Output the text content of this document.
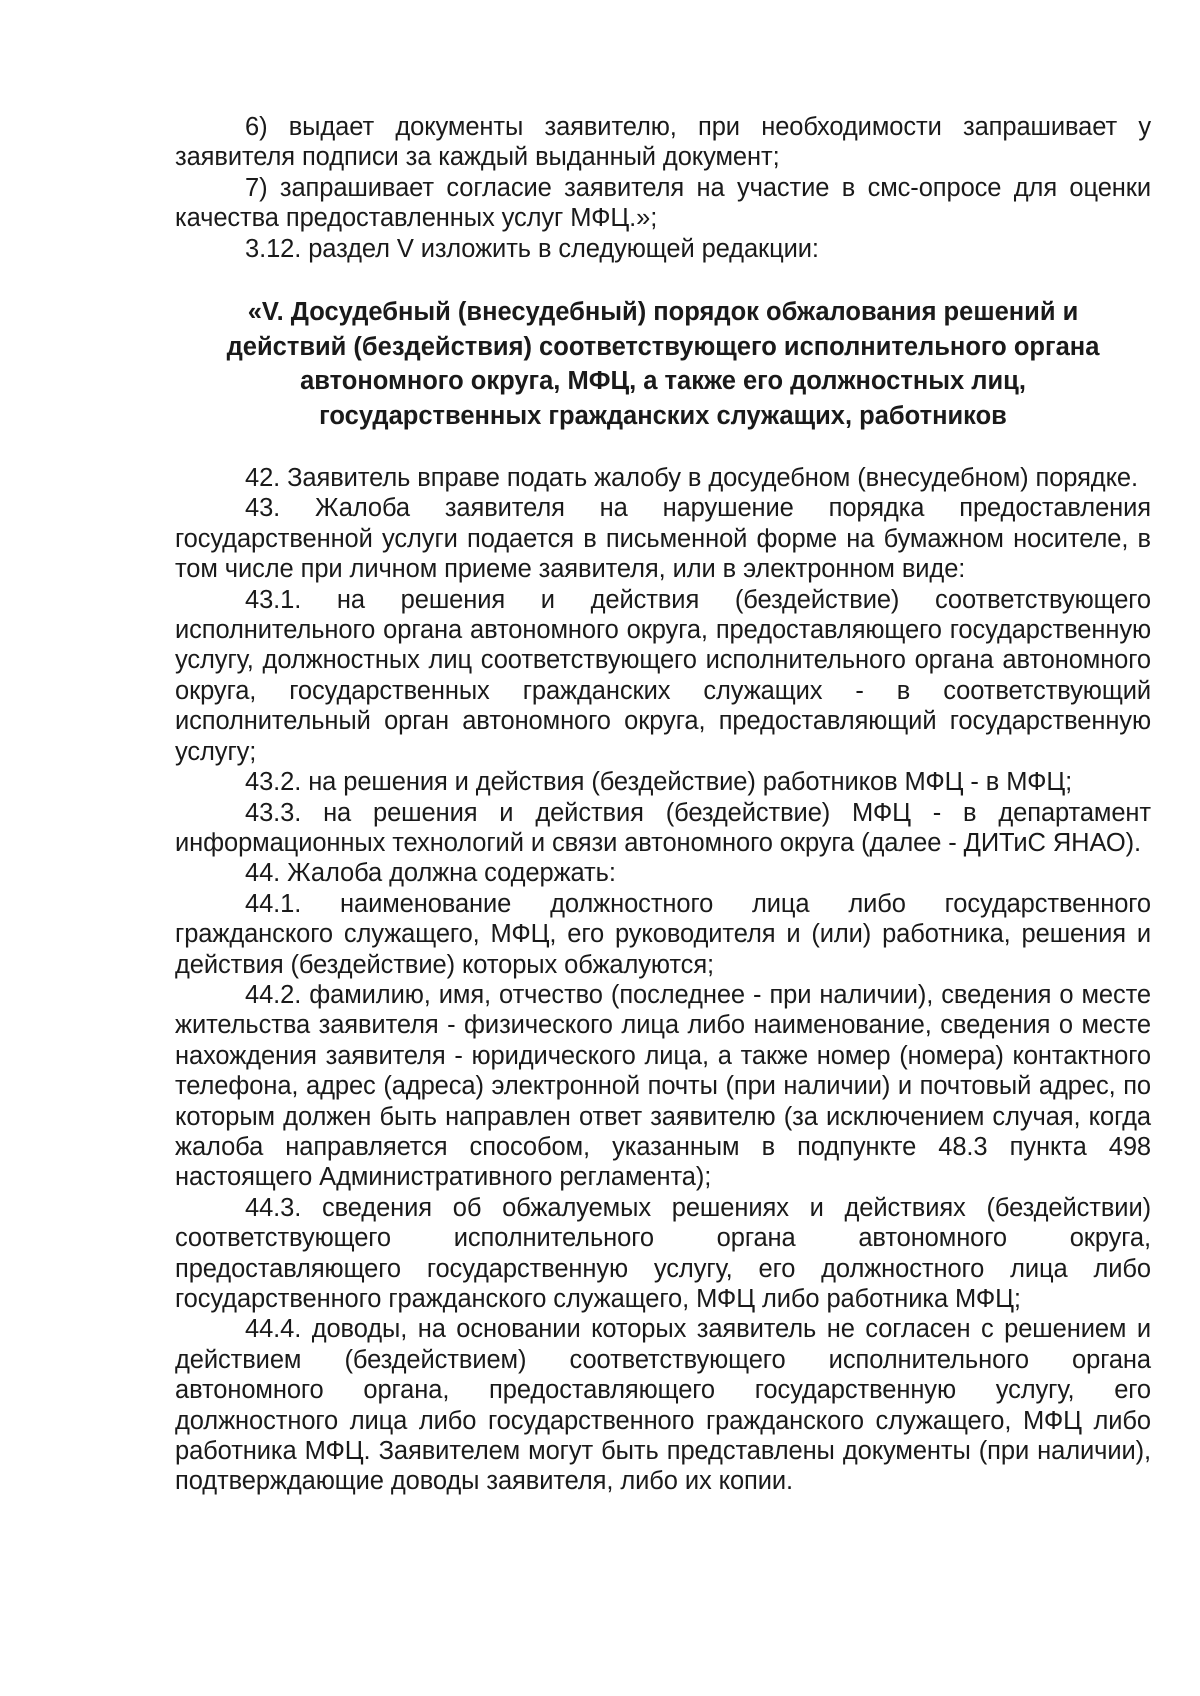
6) выдает документы заявителю, при необходимости запрашивает у заявителя подписи за каждый выданный документ;

7) запрашивает согласие заявителя на участие в смс-опросе для оценки качества предоставленных услуг МФЦ.»;

3.12. раздел V изложить в следующей редакции:

«V. Досудебный (внесудебный) порядок обжалования решений и действий (бездействия) соответствующего исполнительного органа автономного округа, МФЦ, а также его должностных лиц, государственных гражданских служащих, работников

42. Заявитель вправе подать жалобу в досудебном (внесудебном) порядке.

43. Жалоба заявителя на нарушение порядка предоставления государственной услуги подается в письменной форме на бумажном носителе, в том числе при личном приеме заявителя, или в электронном виде:

43.1. на решения и действия (бездействие) соответствующего исполнительного органа автономного округа, предоставляющего государственную услугу, должностных лиц соответствующего исполнительного органа автономного округа, государственных гражданских служащих - в соответствующий исполнительный орган автономного округа, предоставляющий государственную услугу;

43.2. на решения и действия (бездействие) работников МФЦ - в МФЦ;

43.3. на решения и действия (бездействие) МФЦ - в департамент информационных технологий и связи автономного округа (далее - ДИТиС ЯНАО).

44. Жалоба должна содержать:

44.1. наименование должностного лица либо государственного гражданского служащего, МФЦ, его руководителя и (или) работника, решения и действия (бездействие) которых обжалуются;

44.2. фамилию, имя, отчество (последнее - при наличии), сведения о месте жительства заявителя - физического лица либо наименование, сведения о месте нахождения заявителя - юридического лица, а также номер (номера) контактного телефона, адрес (адреса) электронной почты (при наличии) и почтовый адрес, по которым должен быть направлен ответ заявителю (за исключением случая, когда жалоба направляется способом, указанным в подпункте 48.3 пункта 498 настоящего Административного регламента);

44.3. сведения об обжалуемых решениях и действиях (бездействии) соответствующего исполнительного органа автономного округа, предоставляющего государственную услугу, его должностного лица либо государственного гражданского служащего, МФЦ либо работника МФЦ;

44.4. доводы, на основании которых заявитель не согласен с решением и действием (бездействием) соответствующего исполнительного органа автономного органа, предоставляющего государственную услугу, его должностного лица либо государственного гражданского служащего, МФЦ либо работника МФЦ. Заявителем могут быть представлены документы (при наличии), подтверждающие доводы заявителя, либо их копии.
